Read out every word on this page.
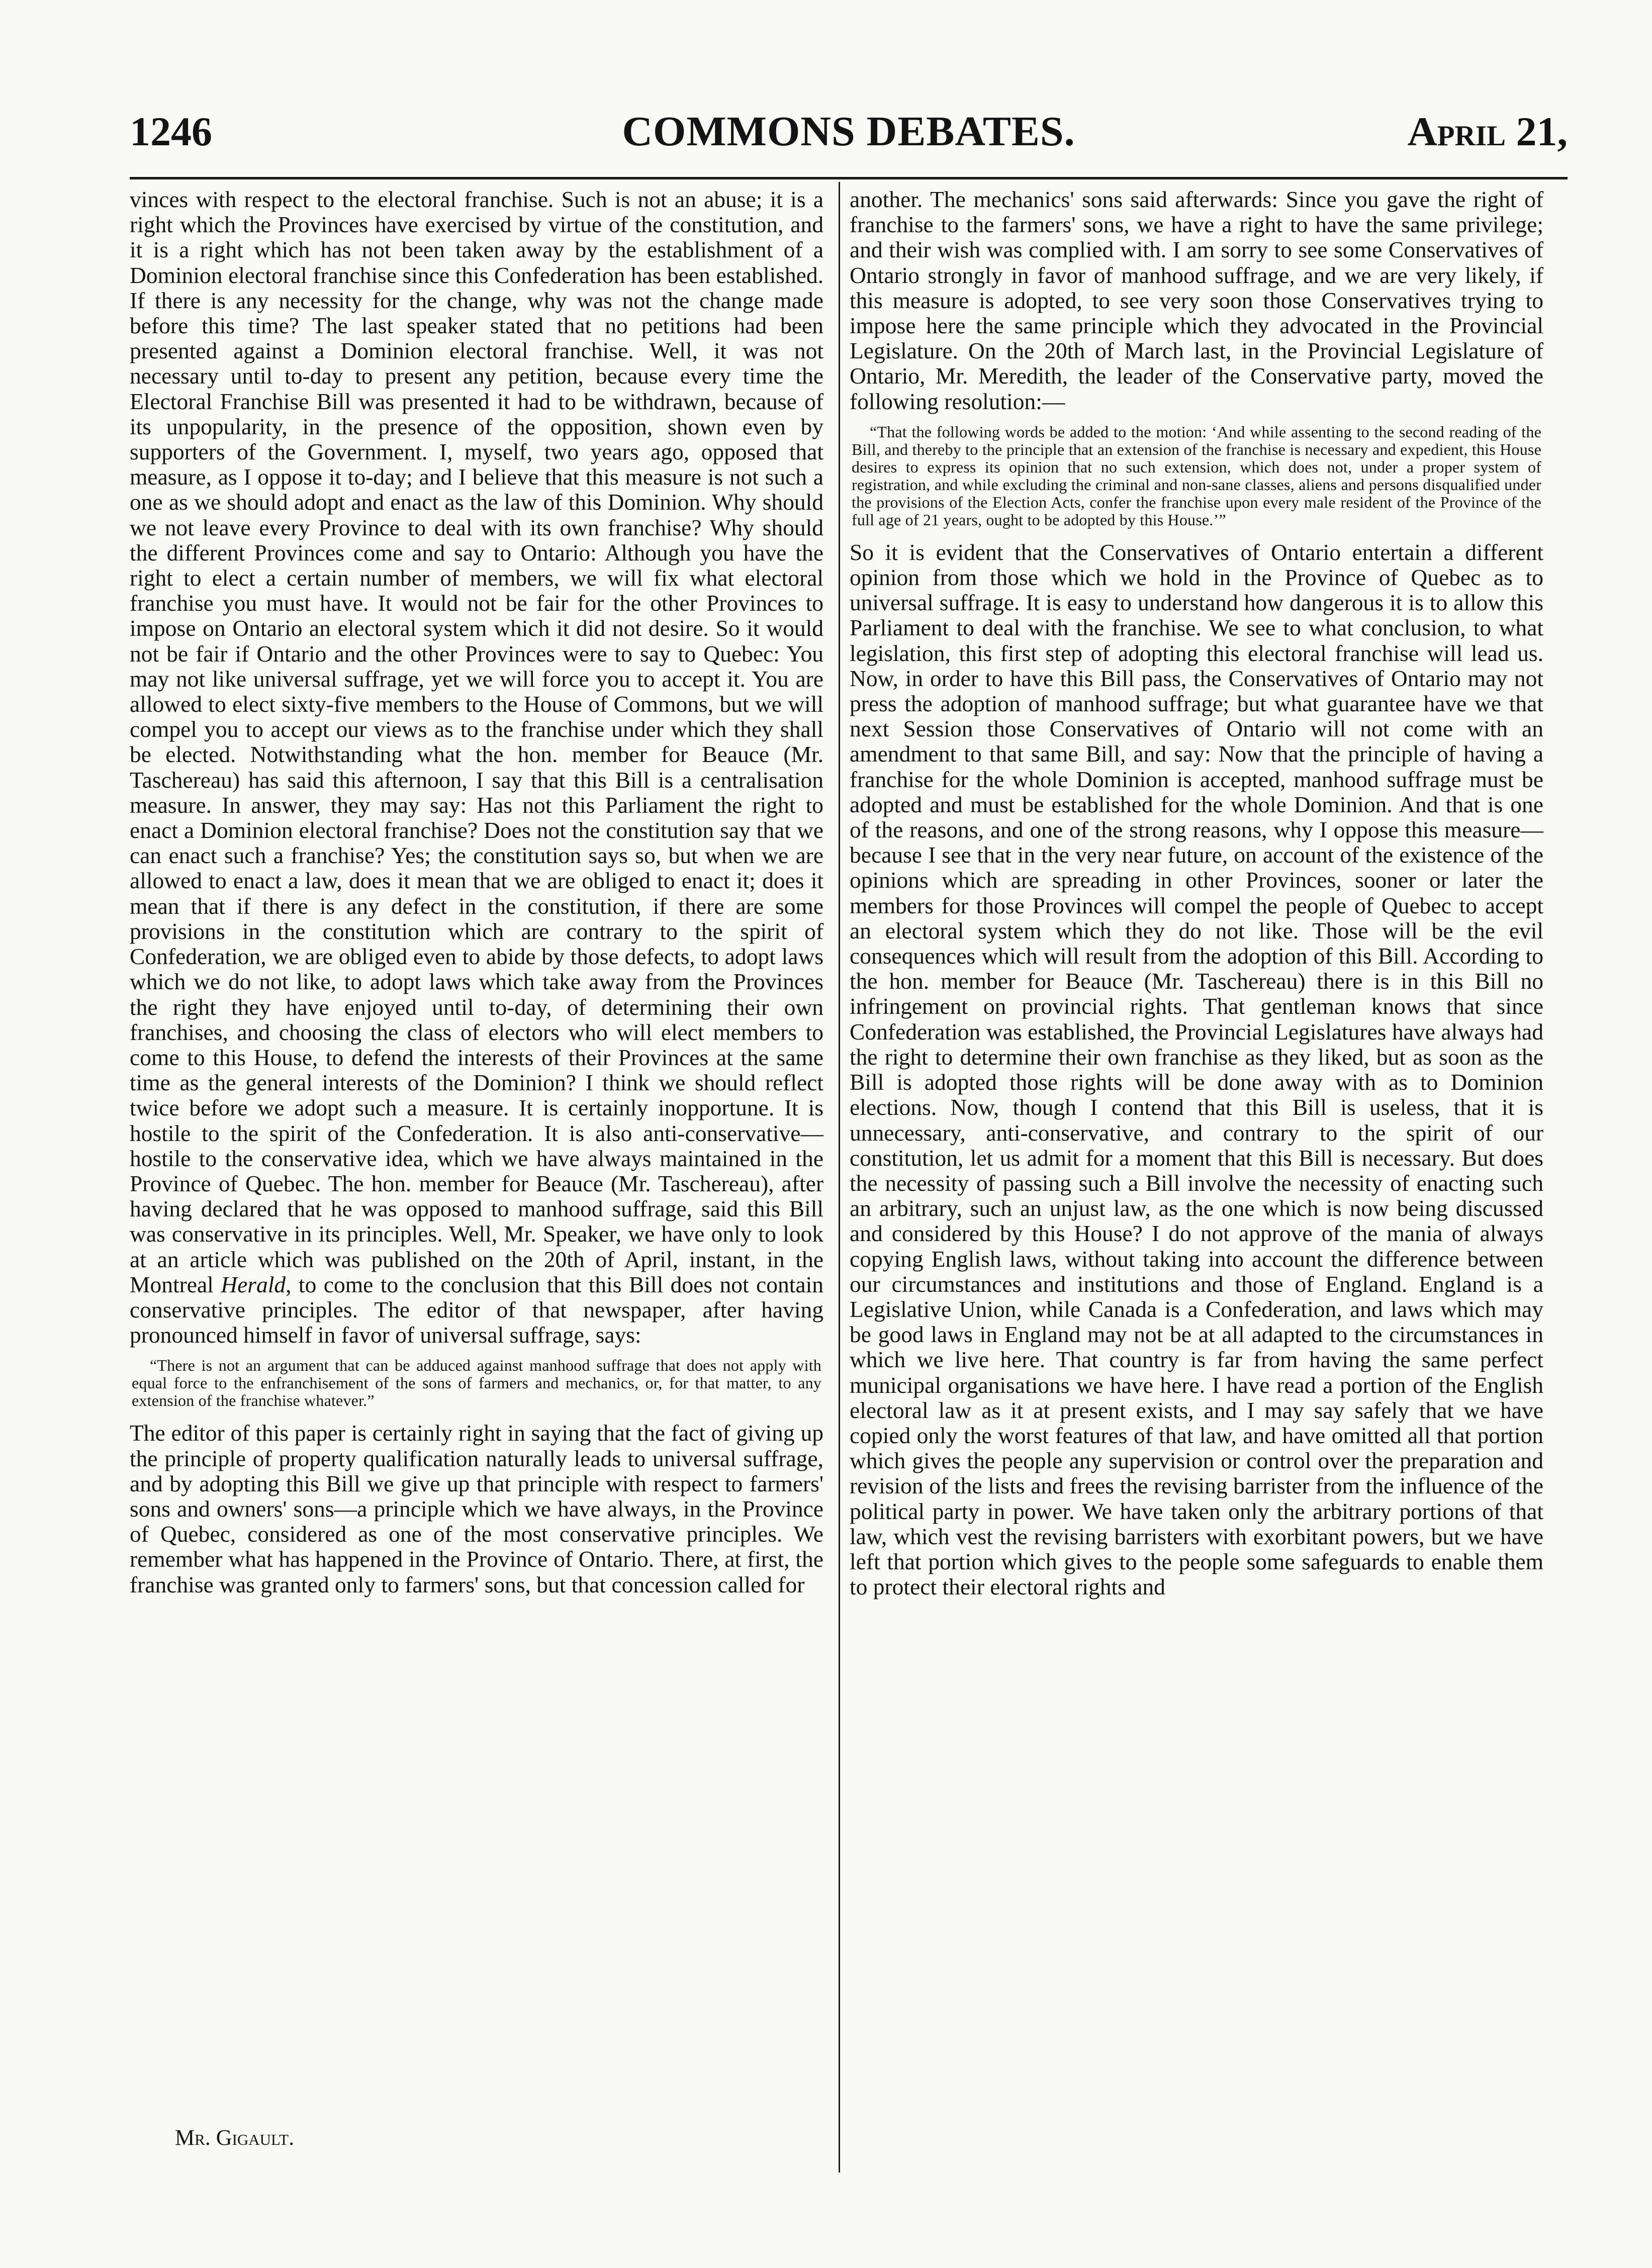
COMMONS DEBATES.
1246	April 21,

vinces with respect to the electoral franchise. Such is not an abuse; it is a right which the Provinces have exercised by virtue of the constitution, and it is a right which has not been taken away by the establishment of a Dominion electoral franchise since this Confederation has been established. If there is any necessity for the change, why was not the change made before this time? The last speaker stated that no petitions had been presented against a Dominion electoral franchise. Well, it was not necessary until to-day to present any petition, because every time the Electoral Franchise Bill was presented it had to be withdrawn, because of its unpopularity, in the presence of the opposition, shown even by supporters of the Government. I, myself, two years ago, opposed that measure, as I oppose it to-day; and I believe that this measure is not such a one as we should adopt and enact as the law of this Dominion. Why should we not leave every Province to deal with its own franchise? Why should the different Provinces come and say to Ontario: Although you have the right to elect a certain number of members, we will fix what electoral franchise you must have. It would not be fair for the other Provinces to impose on Ontario an electoral system which it did not desire. So it would not be fair if Ontario and the other Provinces were to say to Quebec: You may not like universal suffrage, yet we will force you to accept it. You are allowed to elect sixty-five members to the House of Commons, but we will compel you to accept our views as to the franchise under which they shall be elected. Notwithstanding what the hon. member for Beauce (Mr. Taschereau) has said this afternoon, I say that this Bill is a centralisation measure. In answer, they may say: Has not this Parliament the right to enact a Dominion electoral franchise? Does not the constitution say that we can enact such a franchise? Yes; the constitution says so, but when we are allowed to enact a law, does it mean that we are obliged to enact it; does it mean that if there is any defect in the constitution, if there are some provisions in the constitution which are contrary to the spirit of Confederation, we are obliged even to abide by those defects, to adopt laws which we do not like, to adopt laws which take away from the Provinces the right they have enjoyed until to-day, of determining their own franchises, and choosing the class of electors who will elect members to come to this House, to defend the interests of their Provinces at the same time as the general interests of the Dominion? I think we should reflect twice before we adopt such a measure. It is certainly inopportune. It is hostile to the spirit of the Confederation. It is also anti-conservative—hostile to the conservative idea, which we have always maintained in the Province of Quebec. The hon. member for Beauce (Mr. Taschereau), after having declared that he was opposed to manhood suffrage, said this Bill was conservative in its principles. Well, Mr. Speaker, we have only to look at an article which was published on the 20th of April, instant, in the Montreal Herald, to come to the conclusion that this Bill does not contain conservative principles. The editor of that newspaper, after having pronounced himself in favor of universal suffrage, says:

“There is not an argument that can be adduced against manhood suffrage that does not apply with equal force to the enfranchisement of the sons of farmers and mechanics, or, for that matter, to any extension of the franchise whatever.”

The editor of this paper is certainly right in saying that the fact of giving up the principle of property qualification naturally leads to universal suffrage, and by adopting this Bill we give up that principle with respect to farmers' sons and owners' sons—a principle which we have always, in the Province of Quebec, considered as one of the most conservative principles. We remember what has happened in the Province of Ontario. There, at first, the franchise was granted only to farmers' sons, but that concession called for

another. The mechanics' sons said afterwards: Since you gave the right of franchise to the farmers' sons, we have a right to have the same privilege; and their wish was complied with. I am sorry to see some Conservatives of Ontario strongly in favor of manhood suffrage, and we are very likely, if this measure is adopted, to see very soon those Conservatives trying to impose here the same principle which they advocated in the Provincial Legislature. On the 20th of March last, in the Provincial Legislature of Ontario, Mr. Meredith, the leader of the Conservative party, moved the following resolution:—

“That the following words be added to the motion: ‘And while assenting to the second reading of the Bill, and thereby to the principle that an extension of the franchise is necessary and expedient, this House desires to express its opinion that no such extension, which does not, under a proper system of registration, and while excluding the criminal and non-sane classes, aliens and persons disqualified under the provisions of the Election Acts, confer the franchise upon every male resident of the Province of the full age of 21 years, ought to be adopted by this House.’”

So it is evident that the Conservatives of Ontario entertain a different opinion from those which we hold in the Province of Quebec as to universal suffrage. It is easy to understand how dangerous it is to allow this Parliament to deal with the franchise. We see to what conclusion, to what legislation, this first step of adopting this electoral franchise will lead us. Now, in order to have this Bill pass, the Conservatives of Ontario may not press the adoption of manhood suffrage; but what guarantee have we that next Session those Conservatives of Ontario will not come with an amendment to that same Bill, and say: Now that the principle of having a franchise for the whole Dominion is accepted, manhood suffrage must be adopted and must be established for the whole Dominion. And that is one of the reasons, and one of the strong reasons, why I oppose this measure—because I see that in the very near future, on account of the existence of the opinions which are spreading in other Provinces, sooner or later the members for those Provinces will compel the people of Quebec to accept an electoral system which they do not like. Those will be the evil consequences which will result from the adoption of this Bill. According to the hon. member for Beauce (Mr. Taschereau) there is in this Bill no infringement on provincial rights. That gentleman knows that since Confederation was established, the Provincial Legislatures have always had the right to determine their own franchise as they liked, but as soon as the Bill is adopted those rights will be done away with as to Dominion elections. Now, though I contend that this Bill is useless, that it is unnecessary, anti-conservative, and contrary to the spirit of our constitution, let us admit for a moment that this Bill is necessary. But does the necessity of passing such a Bill involve the necessity of enacting such an arbitrary, such an unjust law, as the one which is now being discussed and considered by this House? I do not approve of the mania of always copying English laws, without taking into account the difference between our circumstances and institutions and those of England. England is a Legislative Union, while Canada is a Confederation, and laws which may be good laws in England may not be at all adapted to the circumstances in which we live here. That country is far from having the same perfect municipal organisations we have here. I have read a portion of the English electoral law as it at present exists, and I may say safely that we have copied only the worst features of that law, and have omitted all that portion which gives the people any supervision or control over the preparation and revision of the lists and frees the revising barrister from the influence of the political party in power. We have taken only the arbitrary portions of that law, which vest the revising barristers with exorbitant powers, but we have left that portion which gives to the people some safeguards to enable them to protect their electoral rights and

Mr. Gigault.
